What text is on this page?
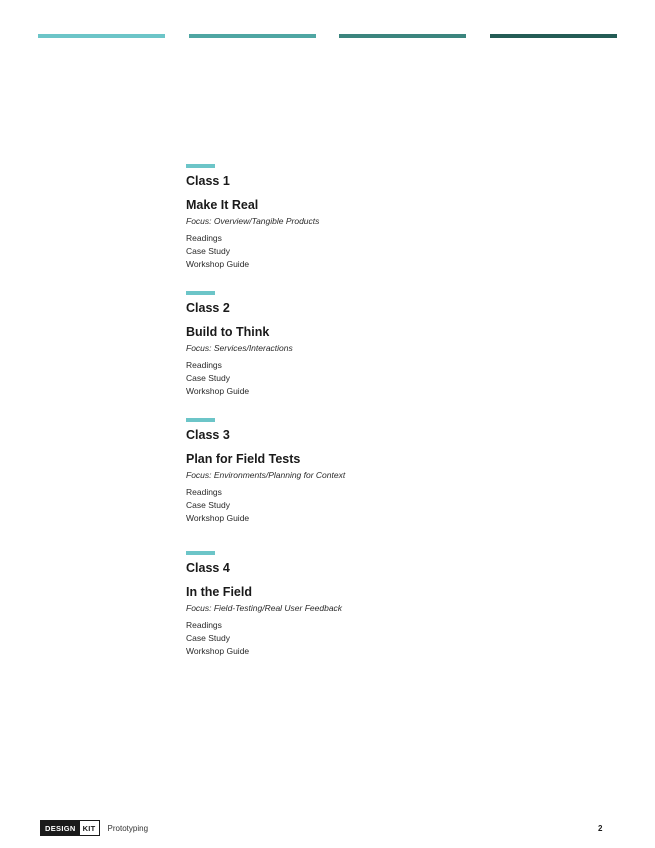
Class 1
Make It Real
Focus: Overview/Tangible Products
Readings
Case Study
Workshop Guide
Class 2
Build to Think
Focus: Services/Interactions
Readings
Case Study
Workshop Guide
Class 3
Plan for Field Tests
Focus: Environments/Planning for Context
Readings
Case Study
Workshop Guide
Class 4
In the Field
Focus: Field-Testing/Real User Feedback
Readings
Case Study
Workshop Guide
DESIGN KIT	Prototyping	2
